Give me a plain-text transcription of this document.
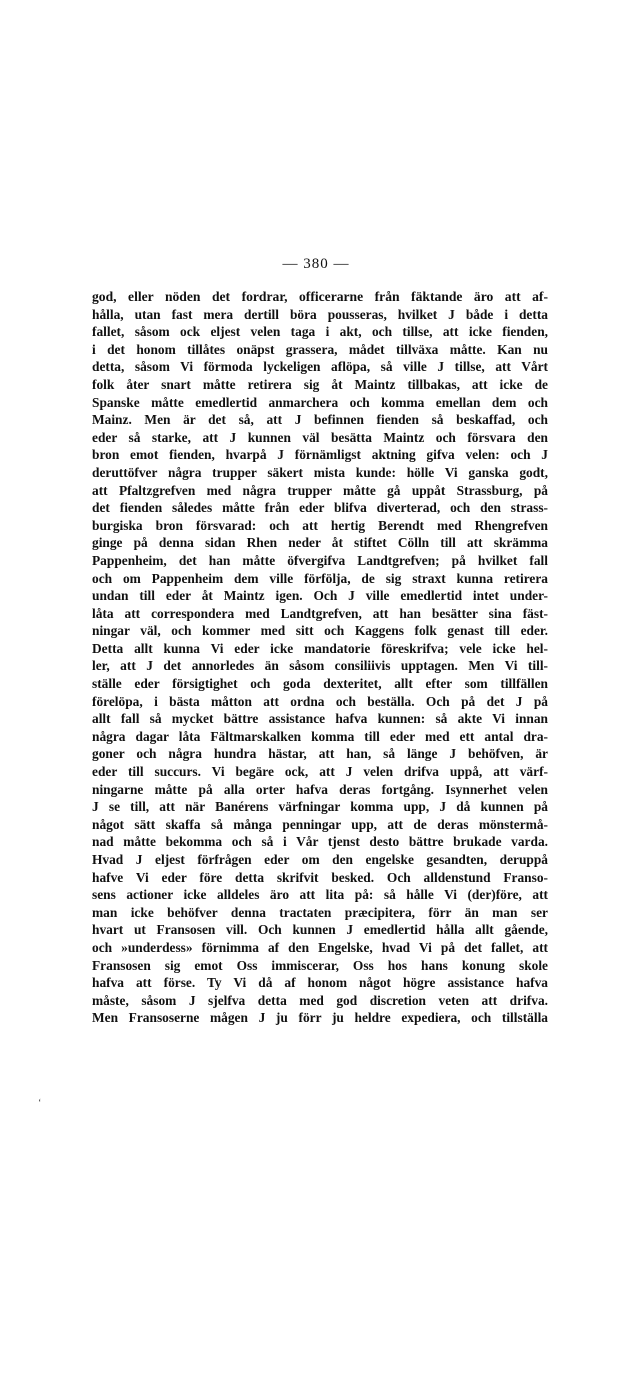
— 380 —
ʻ
god, eller nöden det fordrar, officerarne från fäktande äro att af-
hålla, utan fast mera dertill böra pousseras, hvilket J både i detta
fallet, såsom ock eljest velen taga i akt, och tillse, att icke fienden,
i det honom tillåtes onäpst grassera, mådet tillväxa måtte. Kan nu
detta, såsom Vi förmoda lyckeligen aflöpa, så ville J tillse, att Vårt
folk åter snart måtte retirera sig åt Maintz tillbakas, att icke de
Spanske måtte emedlertid anmarchera och komma emellan dem och
Mainz. Men är det så, att J befinnen fienden så beskaffad, och
eder så starke, att J kunnen väl besätta Maintz och försvara den
bron emot fienden, hvarpå J förnämligst aktning gifva velen: och J
deruttöfver några trupper säkert mista kunde: hölle Vi ganska godt,
att Pfaltzgrefven med några trupper måtte gå uppåt Strassburg, på
det fienden således måtte från eder blifva diverterad, och den strass-
burgiska bron försvarad: och att hertig Berendt med Rhengrefven
ginge på denna sidan Rhen neder åt stiftet Cölln till att skrämma
Pappenheim, det han måtte öfvergifva Landtgrefven; på hvilket fall
och om Pappenheim dem ville förfölja, de sig straxt kunna retirera
undan till eder åt Maintz igen. Och J ville emedlertid intet under-
låta att correspondera med Landtgrefven, att han besätter sina fäst-
ningar väl, och kommer med sitt och Kaggens folk genast till eder.
Detta allt kunna Vi eder icke mandatorie föreskrifva; vele icke hel-
ler, att J det annorledes än såsom consiliivis upptagen. Men Vi till-
ställe eder försigtighet och goda dexteritet, allt efter som tillfällen
förelöpa, i bästa måtton att ordna och beställa. Och på det J på
allt fall så mycket bättre assistance hafva kunnen: så akte Vi innan
några dagar låta Fältmarskalken komma till eder med ett antal dra-
goner och några hundra hästar, att han, så länge J behöfven, är
eder till succurs. Vi begäre ock, att J velen drifva uppå, att värf-
ningarne måtte på alla orter hafva deras fortgång. Isynnerhet velen
J se till, att när Banérens värfningar komma upp, J då kunnen på
något sätt skaffa så många penningar upp, att de deras mönstermå-
nad måtte bekomma och så i Vår tjenst desto bättre brukade varda.
Hvad J eljest förfrågen eder om den engelske gesandten, deruppå
hafve Vi eder före detta skrifvit besked. Och alldenstund Franso-
sens actioner icke alldeles äro att lita på: så hålle Vi (der)före, att
man icke behöfver denna tractaten præcipitera, förr än man ser
hvart ut Fransosen vill. Och kunnen J emedlertid hålla allt gående,
och »underdess» förnimma af den Engelske, hvad Vi på det fallet, att
Fransosen sig emot Oss immiscerar, Oss hos hans konung skole
hafva att förse. Ty Vi då af honom något högre assistance hafva
måste, såsom J sjelfva detta med god discretion veten att drifva.
Men Fransoserne mågen J ju förr ju heldre expediera, och tillställa
